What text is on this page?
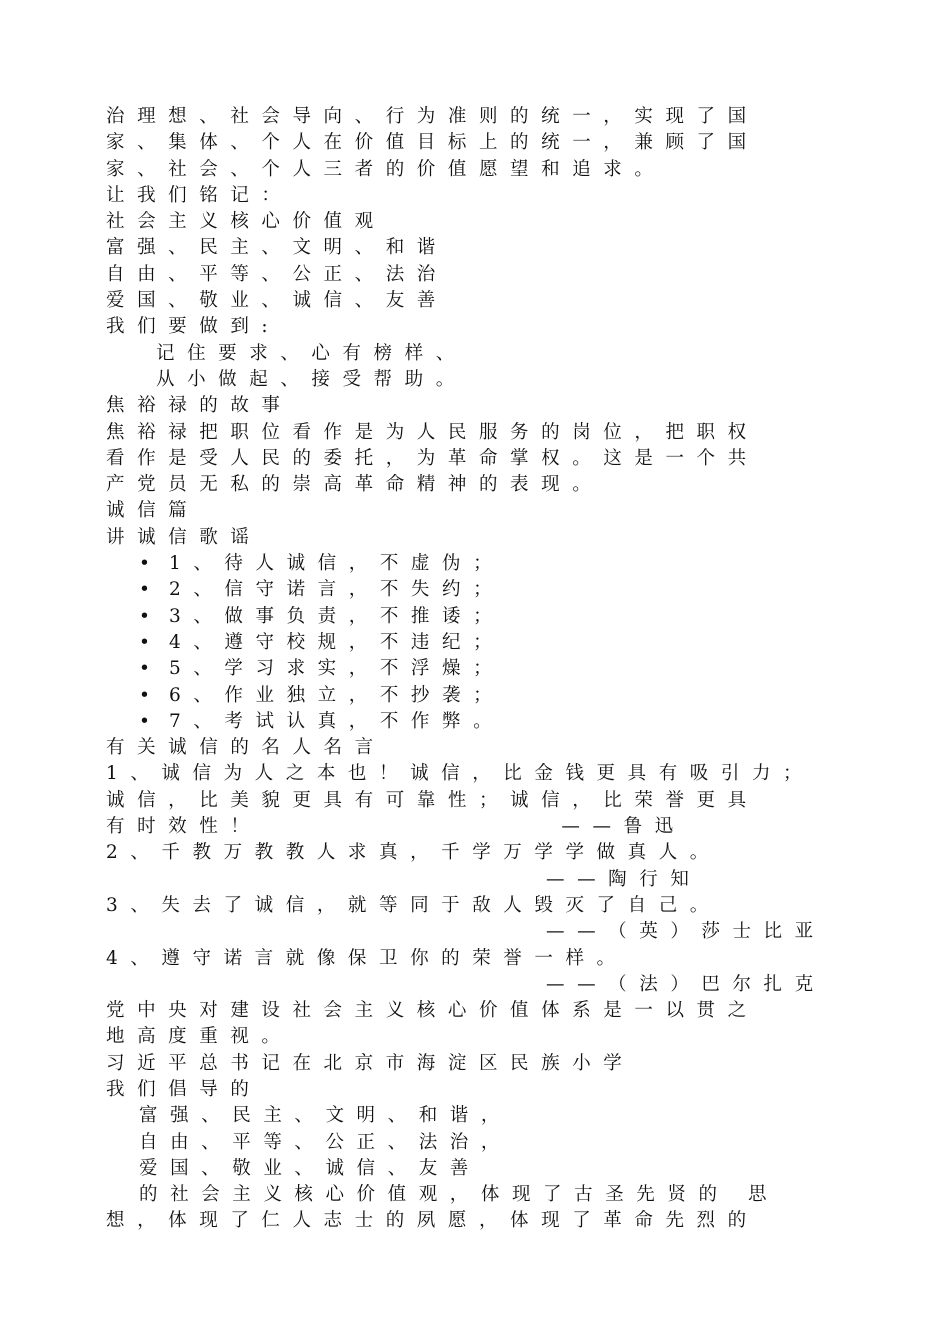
治理想、社会导向、行为准则的统一，实现了国
家、集体、个人在价值目标上的统一，兼顾了国
家、社会、个人三者的价值愿望和追求。
让我们铭记：
社会主义核心价值观
富强、民主、文明、和谐
自由、平等、公正、法治
爱国、敬业、诚信、友善
我们要做到:
记住要求、心有榜样、
从小做起、接受帮助。
焦裕禄的故事
焦裕禄把职位看作是为人民服务的岗位，把职权
看作是受人民的委托，为革命掌权。这是一个共
产党员无私的崇高革命精神的表现。
诚信篇
讲诚信歌谣
• 1、待人诚信，不虚伪；
• 2、信守诺言，不失约；
• 3、做事负责，不推诿；
• 4、遵守校规，不违纪；
• 5、学习求实，不浮燥；
• 6、作业独立，不抄袭；
• 7、考试认真，不作弊。
有关诚信的名人名言
1、诚信为人之本也！诚信，比金钱更具有吸引力；
诚信，比美貌更具有可靠性；诚信，比荣誉更具
有时效性！	——鲁迅
2、千教万教教人求真，千学万学学做真人。
——陶行知
3、失去了诚信，就等同于敌人毁灭了自己。
——（英）莎士比亚
4、遵守诺言就像保卫你的荣誉一样。
——（法）巴尔扎克
党中央对建设社会主义核心价值体系是一以贯之
地高度重视。
习近平总书记在北京市海淀区民族小学
我们倡导的
富强、民主、文明、和谐，
自由、平等、公正、法治，
爱国、敬业、诚信、友善
的社会主义核心价值观，体现了古圣先贤的 思
想，体现了仁人志士的夙愿，体现了革命先烈的
